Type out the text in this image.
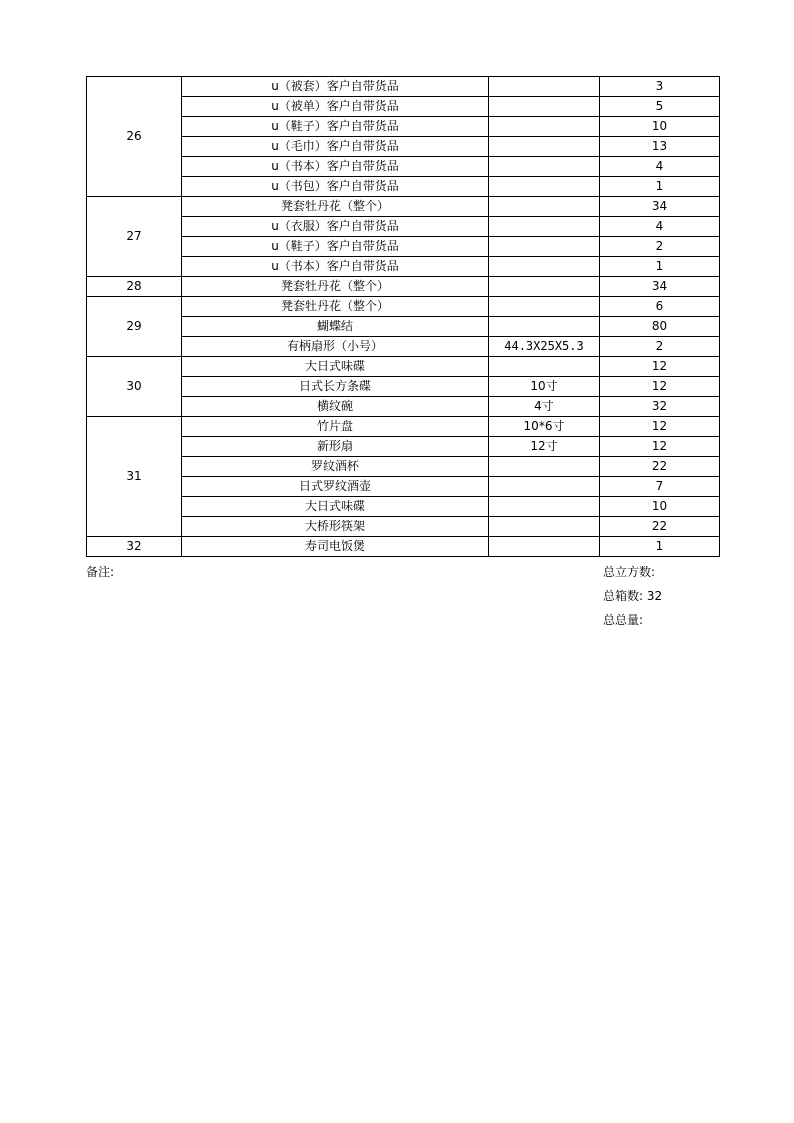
26	u（被套）客户自带货品		3
	u（被单）客户自带货品		5
	u（鞋子）客户自带货品		10
	u（毛巾）客户自带货品		13
	u（书本）客户自带货品		4
	u（书包）客户自带货品		1
27	凳套牡丹花（整个）		34
	u（衣服）客户自带货品		4
	u（鞋子）客户自带货品		2
	u（书本）客户自带货品		1
28	凳套牡丹花（整个）		34
29	凳套牡丹花（整个）		6
	蝴蝶结		80
	有柄扇形（小号）	44.3X25X5.3	2
30	大日式味碟		12
	日式长方条碟	10寸	12
	横纹碗	4寸	32
31	竹片盘	10*6寸	12
	新形扇	12寸	12
	罗纹酒杯		22
	日式罗纹酒壶		7
	大日式味碟		10
	大桥形筷架		22
32	寿司电饭煲		1
备注:	总立方数:
总箱数: 32
总总量:
